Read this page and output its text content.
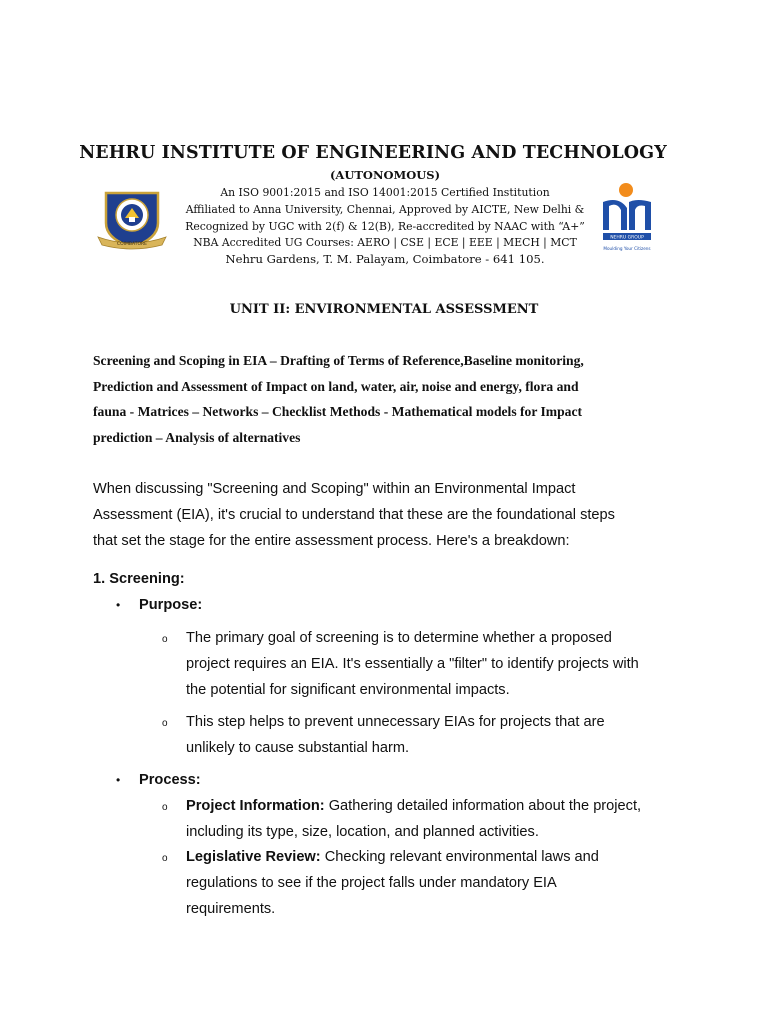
NEHRU INSTITUTE OF ENGINEERING AND TECHNOLOGY
(AUTONOMOUS)
An ISO 9001:2015 and ISO 14001:2015 Certified Institution
Affiliated to Anna University, Chennai, Approved by AICTE, New Delhi &
Recognized by UGC with 2(f) & 12(B), Re-accredited by NAAC with “A+”
NBA Accredited UG Courses: AERO | CSE | ECE | EEE | MECH | MCT
Nehru Gardens, T. M. Palayam, Coimbatore - 641 105.
COIMBATORE
NEHRU GROUP
Moulding Your Citizens
UNIT II: ENVIRONMENTAL ASSESSMENT
Screening and Scoping in EIA – Drafting of Terms of Reference,Baseline monitoring,
Prediction and Assessment of Impact on land, water, air, noise and energy, flora and
fauna - Matrices – Networks – Checklist Methods - Mathematical models for Impact
prediction – Analysis of alternatives
When discussing "Screening and Scoping" within an Environmental Impact
Assessment (EIA), it's crucial to understand that these are the foundational steps
that set the stage for the entire assessment process. Here's a breakdown:
1. Screening:
• Purpose:
o The primary goal of screening is to determine whether a proposed
project requires an EIA. It's essentially a "filter" to identify projects with
the potential for significant environmental impacts.
o This step helps to prevent unnecessary EIAs for projects that are
unlikely to cause substantial harm.
• Process:
o Project Information: Gathering detailed information about the project,
including its type, size, location, and planned activities.
o Legislative Review: Checking relevant environmental laws and
regulations to see if the project falls under mandatory EIA
requirements.
